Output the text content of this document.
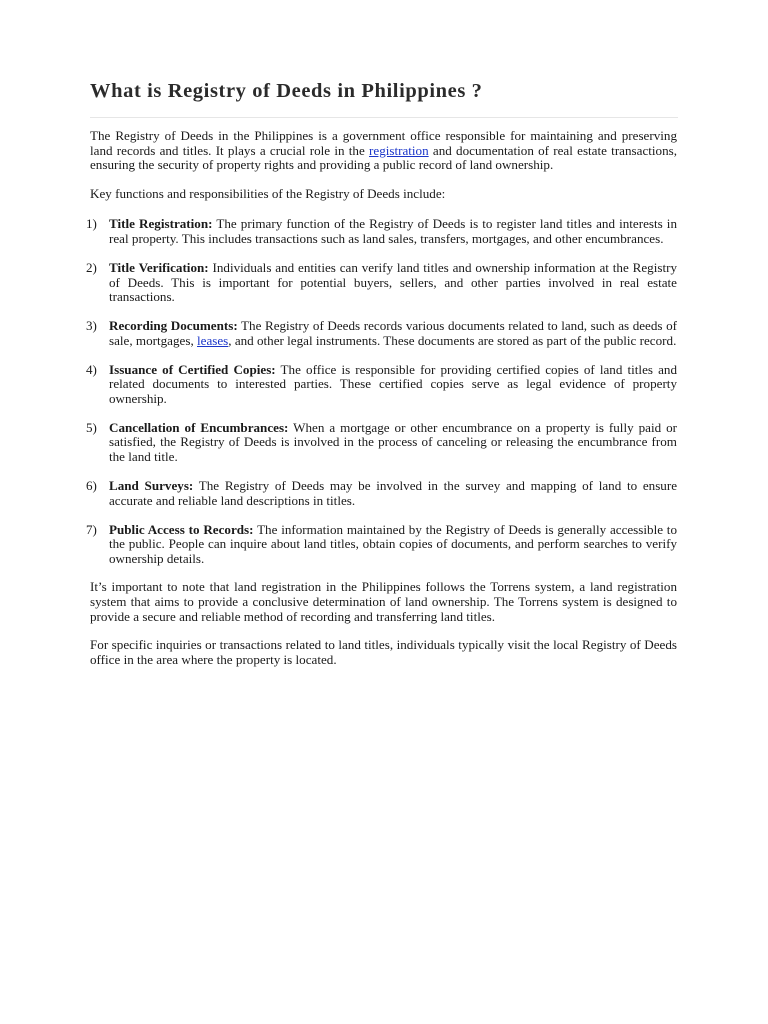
What is Registry of Deeds in Philippines ?

The Registry of Deeds in the Philippines is a government office responsible for maintaining and preserving land records and titles. It plays a crucial role in the registration and documentation of real estate transactions, ensuring the security of property rights and providing a public record of land ownership.

Key functions and responsibilities of the Registry of Deeds include:

1) Title Registration: The primary function of the Registry of Deeds is to register land titles and interests in real property. This includes transactions such as land sales, transfers, mortgages, and other encumbrances.

2) Title Verification: Individuals and entities can verify land titles and ownership information at the Registry of Deeds. This is important for potential buyers, sellers, and other parties involved in real estate transactions.

3) Recording Documents: The Registry of Deeds records various documents related to land, such as deeds of sale, mortgages, leases, and other legal instruments. These documents are stored as part of the public record.

4) Issuance of Certified Copies: The office is responsible for providing certified copies of land titles and related documents to interested parties. These certified copies serve as legal evidence of property ownership.

5) Cancellation of Encumbrances: When a mortgage or other encumbrance on a property is fully paid or satisfied, the Registry of Deeds is involved in the process of canceling or releasing the encumbrance from the land title.

6) Land Surveys: The Registry of Deeds may be involved in the survey and mapping of land to ensure accurate and reliable land descriptions in titles.

7) Public Access to Records: The information maintained by the Registry of Deeds is generally accessible to the public. People can inquire about land titles, obtain copies of documents, and perform searches to verify ownership details.

It’s important to note that land registration in the Philippines follows the Torrens system, a land registration system that aims to provide a conclusive determination of land ownership. The Torrens system is designed to provide a secure and reliable method of recording and transferring land titles.

For specific inquiries or transactions related to land titles, individuals typically visit the local Registry of Deeds office in the area where the property is located.
